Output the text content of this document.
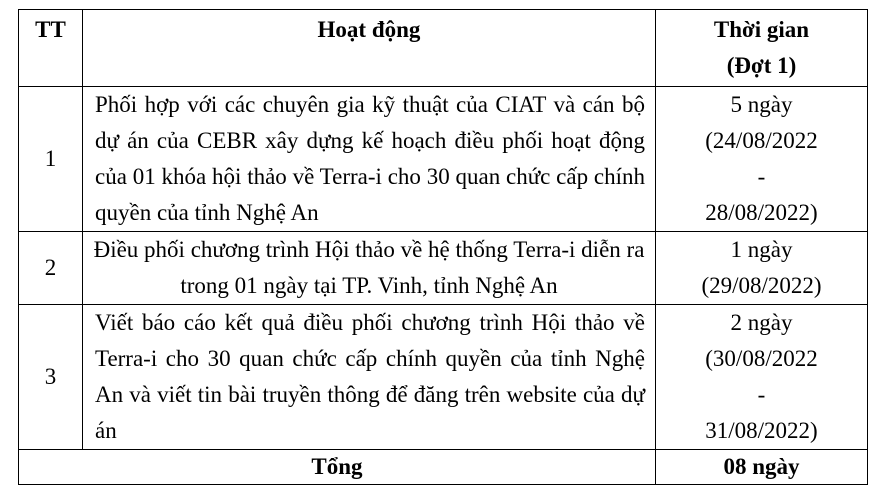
TT	Hoạt động	Thời gian
(Đợt 1)

1	Phối hợp với các chuyên gia kỹ thuật của CIAT và cán bộ dự án của CEBR xây dựng kế hoạch điều phối hoạt động của 01 khóa hội thảo về Terra-i cho 30 quan chức cấp chính quyền của tỉnh Nghệ An	5 ngày
(24/08/2022
-
28/08/2022)

2	Điều phối chương trình Hội thảo về hệ thống Terra-i diễn ra trong 01 ngày tại TP. Vinh, tỉnh Nghệ An	1 ngày
(29/08/2022)

3	Viết báo cáo kết quả điều phối chương trình Hội thảo về Terra-i cho 30 quan chức cấp chính quyền của tỉnh Nghệ An và viết tin bài truyền thông để đăng trên website của dự án	2 ngày
(30/08/2022
-
31/08/2022)

Tổng		08 ngày
